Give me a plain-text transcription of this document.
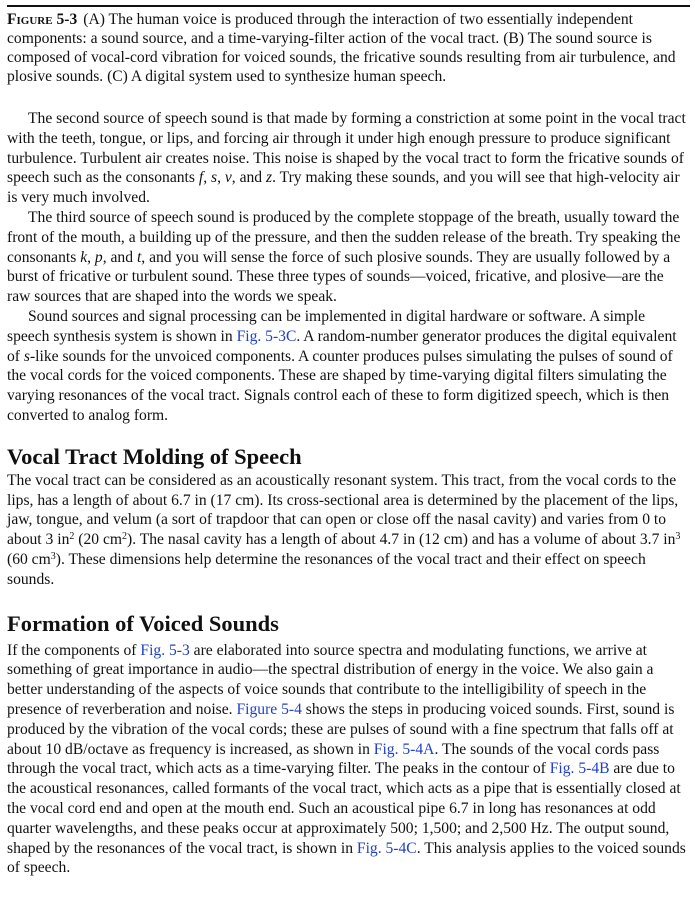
Figure 5-3 (A) The human voice is produced through the interaction of two essentially independent components: a sound source, and a time-varying-filter action of the vocal tract. (B) The sound source is composed of vocal-cord vibration for voiced sounds, the fricative sounds resulting from air turbulence, and plosive sounds. (C) A digital system used to synthesize human speech.

The second source of speech sound is that made by forming a constriction at some point in the vocal tract with the teeth, tongue, or lips, and forcing air through it under high enough pressure to produce significant turbulence. Turbulent air creates noise. This noise is shaped by the vocal tract to form the fricative sounds of speech such as the consonants f, s, v, and z. Try making these sounds, and you will see that high-velocity air is very much involved.

The third source of speech sound is produced by the complete stoppage of the breath, usually toward the front of the mouth, a building up of the pressure, and then the sudden release of the breath. Try speaking the consonants k, p, and t, and you will sense the force of such plosive sounds. They are usually followed by a burst of fricative or turbulent sound. These three types of sounds—voiced, fricative, and plosive—are the raw sources that are shaped into the words we speak.

Sound sources and signal processing can be implemented in digital hardware or software. A simple speech synthesis system is shown in Fig. 5-3C. A random-number generator produces the digital equivalent of s-like sounds for the unvoiced components. A counter produces pulses simulating the pulses of sound of the vocal cords for the voiced components. These are shaped by time-varying digital filters simulating the varying resonances of the vocal tract. Signals control each of these to form digitized speech, which is then converted to analog form.

Vocal Tract Molding of Speech

The vocal tract can be considered as an acoustically resonant system. This tract, from the vocal cords to the lips, has a length of about 6.7 in (17 cm). Its cross-sectional area is determined by the placement of the lips, jaw, tongue, and velum (a sort of trapdoor that can open or close off the nasal cavity) and varies from 0 to about 3 $in^2$ (20 $cm^2$). The nasal cavity has a length of about 4.7 in (12 cm) and has a volume of about 3.7 $in^3$ (60 $cm^3$). These dimensions help determine the resonances of the vocal tract and their effect on speech sounds.

Formation of Voiced Sounds

If the components of Fig. 5-3 are elaborated into source spectra and modulating functions, we arrive at something of great importance in audio—the spectral distribution of energy in the voice. We also gain a better understanding of the aspects of voice sounds that contribute to the intelligibility of speech in the presence of reverberation and noise. Figure 5-4 shows the steps in producing voiced sounds. First, sound is produced by the vibration of the vocal cords; these are pulses of sound with a fine spectrum that falls off at about 10 dB/octave as frequency is increased, as shown in Fig. 5-4A. The sounds of the vocal cords pass through the vocal tract, which acts as a time-varying filter. The peaks in the contour of Fig. 5-4B are due to the acoustical resonances, called formants of the vocal tract, which acts as a pipe that is essentially closed at the vocal cord end and open at the mouth end. Such an acoustical pipe 6.7 in long has resonances at odd quarter wavelengths, and these peaks occur at approximately 500; 1,500; and 2,500 Hz. The output sound, shaped by the resonances of the vocal tract, is shown in Fig. 5-4C. This analysis applies to the voiced sounds of speech.
